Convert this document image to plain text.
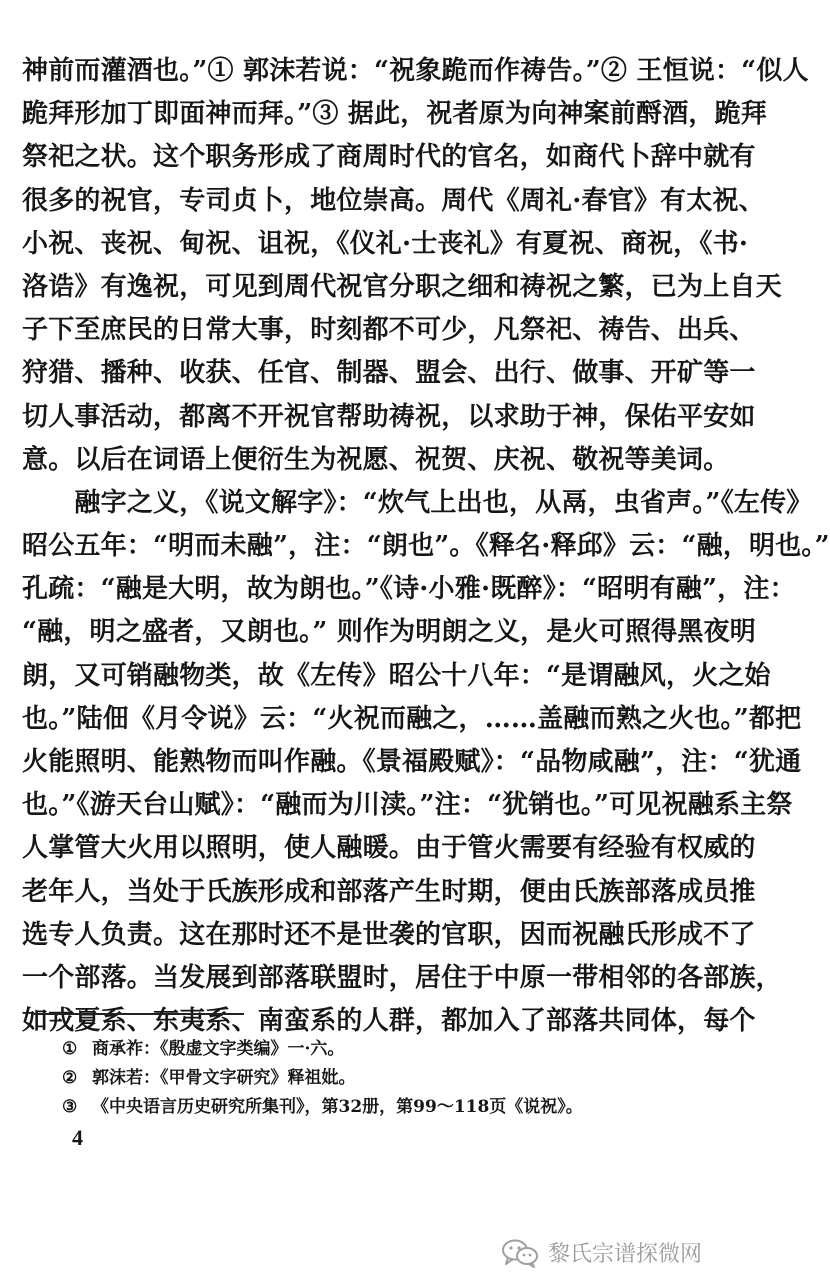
神前而灌酒也。”① 郭沫若说：“祝象跪而作祷告。”② 王恒说：“似人
跪拜形加丁即面神而拜。”③ 据此，祝者原为向神案前酹酒，跪拜
祭祀之状。这个职务形成了商周时代的官名，如商代卜辞中就有
很多的祝官，专司贞卜，地位崇高。周代《周礼·春官》有太祝、
小祝、丧祝、甸祝、诅祝，《仪礼·士丧礼》有夏祝、商祝，《书·
洛诰》有逸祝，可见到周代祝官分职之细和祷祝之繁，已为上自天
子下至庶民的日常大事，时刻都不可少，凡祭祀、祷告、出兵、
狩猎、播种、收获、任官、制器、盟会、出行、做事、开矿等一
切人事活动，都离不开祝官帮助祷祝，以求助于神，保佑平安如
意。以后在词语上便衍生为祝愿、祝贺、庆祝、敬祝等美词。
　　融字之义，《说文解字》：“炊气上出也，从鬲，虫省声。”《左传》
昭公五年：“明而未融”，注：“朗也”。《释名·释邱》云：“融，明也。”
孔疏：“融是大明，故为朗也。”《诗·小雅·既醉》：“昭明有融”，注：
“融，明之盛者，又朗也。” 则作为明朗之义，是火可照得黑夜明
朗，又可销融物类，故《左传》昭公十八年：“是谓融风，火之始
也。”陆佃《月令说》云：“火祝而融之，……盖融而熟之火也。”都把
火能照明、能熟物而叫作融。《景福殿赋》：“品物咸融”，注：“犹通
也。”《游天台山赋》：“融而为川渎。”注：“犹销也。”可见祝融系主祭
人掌管大火用以照明，使人融暖。由于管火需要有经验有权威的
老年人，当处于氏族形成和部落产生时期，便由氏族部落成员推
选专人负责。这在那时还不是世袭的官职，因而祝融氏形成不了
一个部落。当发展到部落联盟时，居住于中原一带相邻的各部族，
如戎夏系、东夷系、南蛮系的人群，都加入了部落共同体，每个
① 商承祚：《殷虚文字类编》一·六。
② 郭沫若：《甲骨文字研究》释祖妣。
③ 《中央语言历史研究所集刊》，第32册，第99～118页《说祝》。
4
黎氏宗谱探微网
